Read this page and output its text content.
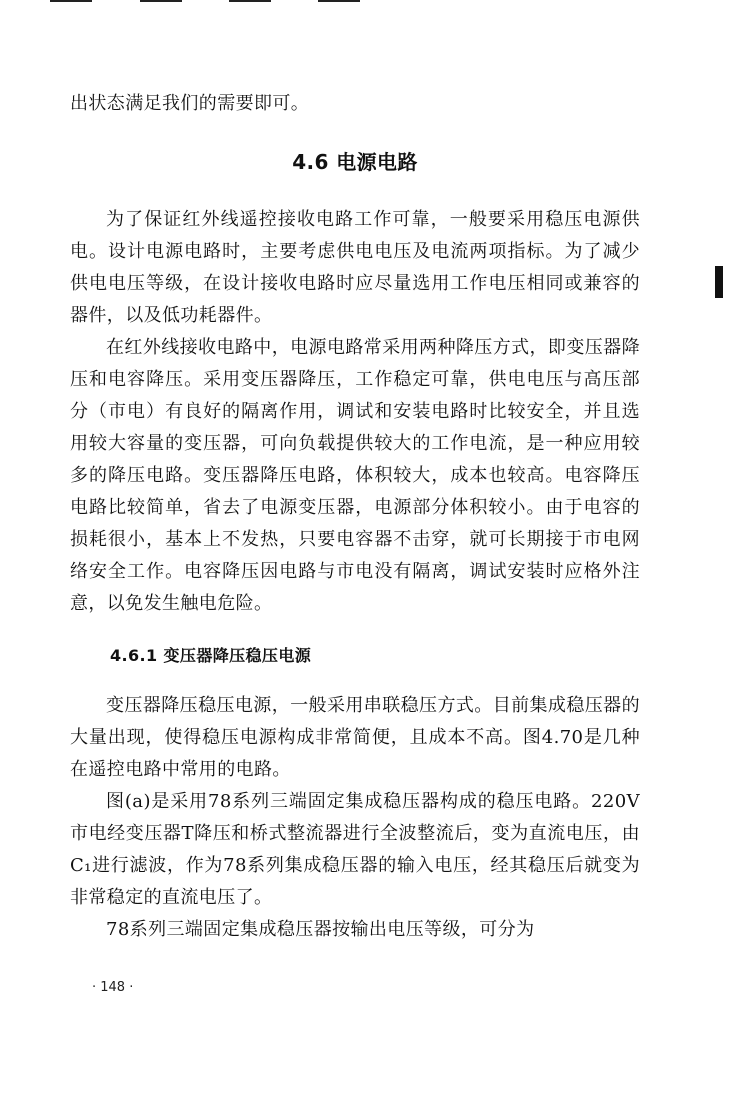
出状态满足我们的需要即可。

4.6 电源电路

为了保证红外线遥控接收电路工作可靠，一般要采用稳压电源供电。设计电源电路时，主要考虑供电电压及电流两项指标。为了减少供电电压等级，在设计接收电路时应尽量选用工作电压相同或兼容的器件，以及低功耗器件。

在红外线接收电路中，电源电路常采用两种降压方式，即变压器降压和电容降压。采用变压器降压，工作稳定可靠，供电电压与高压部分（市电）有良好的隔离作用，调试和安装电路时比较安全，并且选用较大容量的变压器，可向负载提供较大的工作电流，是一种应用较多的降压电路。变压器降压电路，体积较大，成本也较高。电容降压电路比较简单，省去了电源变压器，电源部分体积较小。由于电容的损耗很小，基本上不发热，只要电容器不击穿，就可长期接于市电网络安全工作。电容降压因电路与市电没有隔离，调试安装时应格外注意，以免发生触电危险。

4.6.1 变压器降压稳压电源

变压器降压稳压电源，一般采用串联稳压方式。目前集成稳压器的大量出现，使得稳压电源构成非常简便，且成本不高。图4.70是几种在遥控电路中常用的电路。

图(a)是采用78系列三端固定集成稳压器构成的稳压电路。220V市电经变压器T降压和桥式整流器进行全波整流后，变为直流电压，由C₁进行滤波，作为78系列集成稳压器的输入电压，经其稳压后就变为非常稳定的直流电压了。

78系列三端固定集成稳压器按输出电压等级，可分为

· 148 ·
